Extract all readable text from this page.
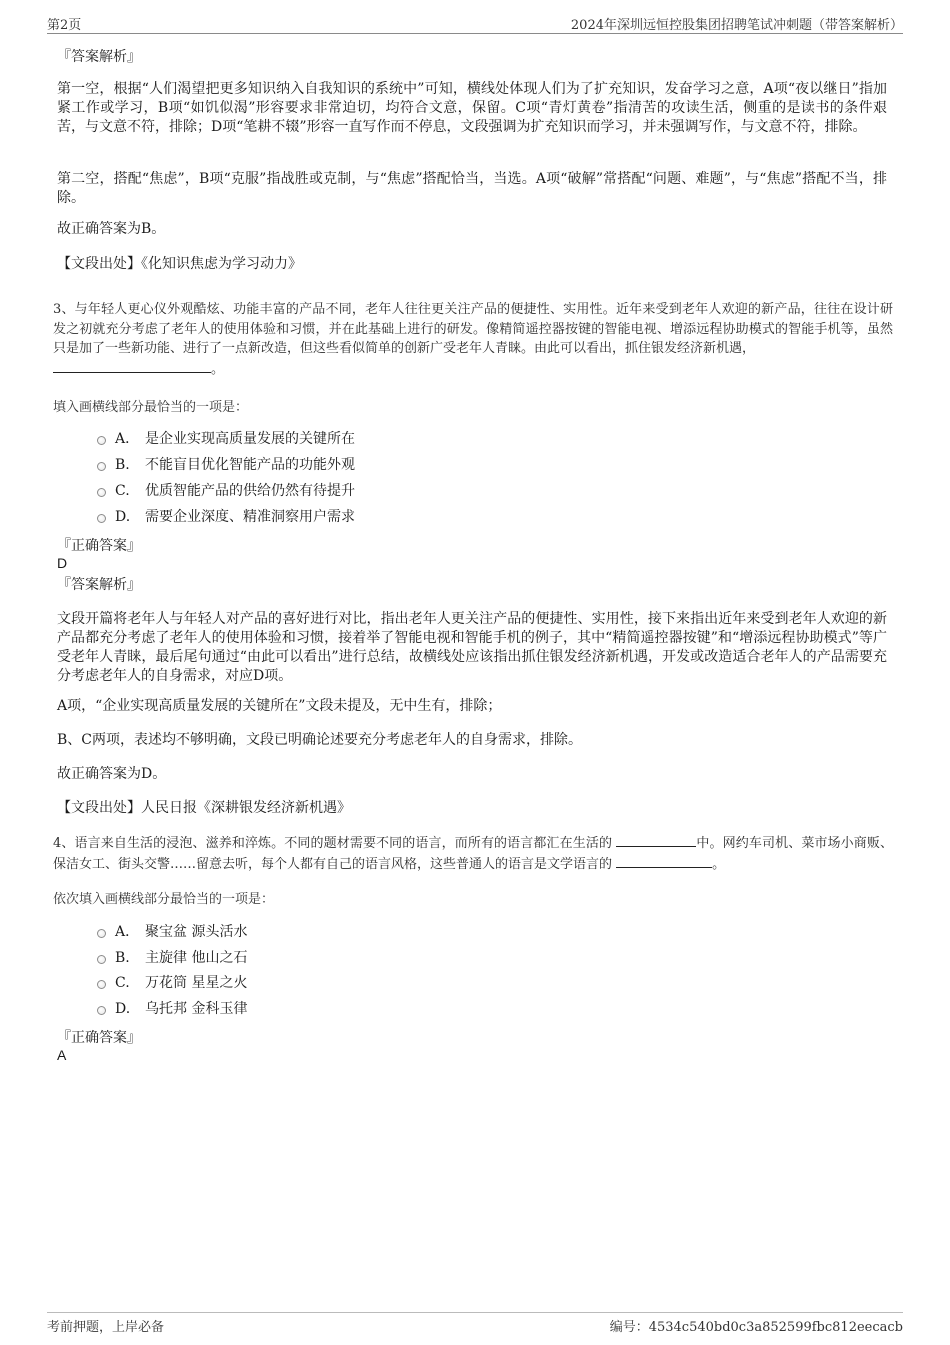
第2页	2024年深圳远恒控股集团招聘笔试冲刺题（带答案解析）
『答案解析』
第一空，根据“人们渴望把更多知识纳入自我知识的系统中”可知，横线处体现人们为了扩充知识，发奋学习之意，A项“夜以继日”指加紧工作或学习，B项“如饥似渴”形容要求非常迫切，均符合文意，保留。C项“青灯黄卷”指清苦的攻读生活，侧重的是读书的条件艰苦，与文意不符，排除；D项“笔耕不辍”形容一直写作而不停息，文段强调为扩充知识而学习，并未强调写作，与文意不符，排除。
第二空，搭配“焦虑”，B项“克服”指战胜或克制，与“焦虑”搭配恰当，当选。A项“破解”常搭配“问题、难题”，与“焦虑”搭配不当，排除。
故正确答案为B。
【文段出处】《化知识焦虑为学习动力》
3、与年轻人更心仪外观酷炫、功能丰富的产品不同，老年人往往更关注产品的便捷性、实用性。近年来受到老年人欢迎的新产品，往往在设计研发之初就充分考虑了老年人的使用体验和习惯，并在此基础上进行的研发。像精简遥控器按键的智能电视、增添远程协助模式的智能手机等，虽然只是加了一些新功能、进行了一点新改造，但这些看似简单的创新广受老年人青睐。由此可以看出，抓住银发经济新机遇，
。
填入画横线部分最恰当的一项是：
A． 是企业实现高质量发展的关键所在
B.	不能盲目优化智能产品的功能外观
C.	优质智能产品的供给仍然有待提升
D.	需要企业深度、精准洞察用户需求
『正确答案』
D
『答案解析』
文段开篇将老年人与年轻人对产品的喜好进行对比，指出老年人更关注产品的便捷性、实用性，接下来指出近年来受到老年人欢迎的新产品都充分考虑了老年人的使用体验和习惯，接着举了智能电视和智能手机的例子，其中“精简遥控器按键”和“增添远程协助模式”等广受老年人青睐，最后尾句通过“由此可以看出”进行总结，故横线处应该指出抓住银发经济新机遇，开发或改造适合老年人的产品需要充分考虑老年人的自身需求，对应D项。
A项，“企业实现高质量发展的关键所在”文段未提及，无中生有，排除；
B、C两项，表述均不够明确，文段已明确论述要充分考虑老年人的自身需求，排除。
故正确答案为D。
【文段出处】人民日报《深耕银发经济新机遇》
4、语言来自生活的浸泡、滋养和淬炼。不同的题材需要不同的语言，而所有的语言都汇在生活的	中。网约车司机、菜市场小商贩、保洁女工、街头交警……留意去听，每个人都有自己的语言风格，这些普通人的语言是文学语言的	。
依次填入画横线部分最恰当的一项是：
A． 聚宝盆 源头活水
B.	主旋律 他山之石
C.	万花筒 星星之火
D.	乌托邦 金科玉律
『正确答案』
A
考前押题，上岸必备	编号：4534c540bd0c3a852599fbc812eecacb
